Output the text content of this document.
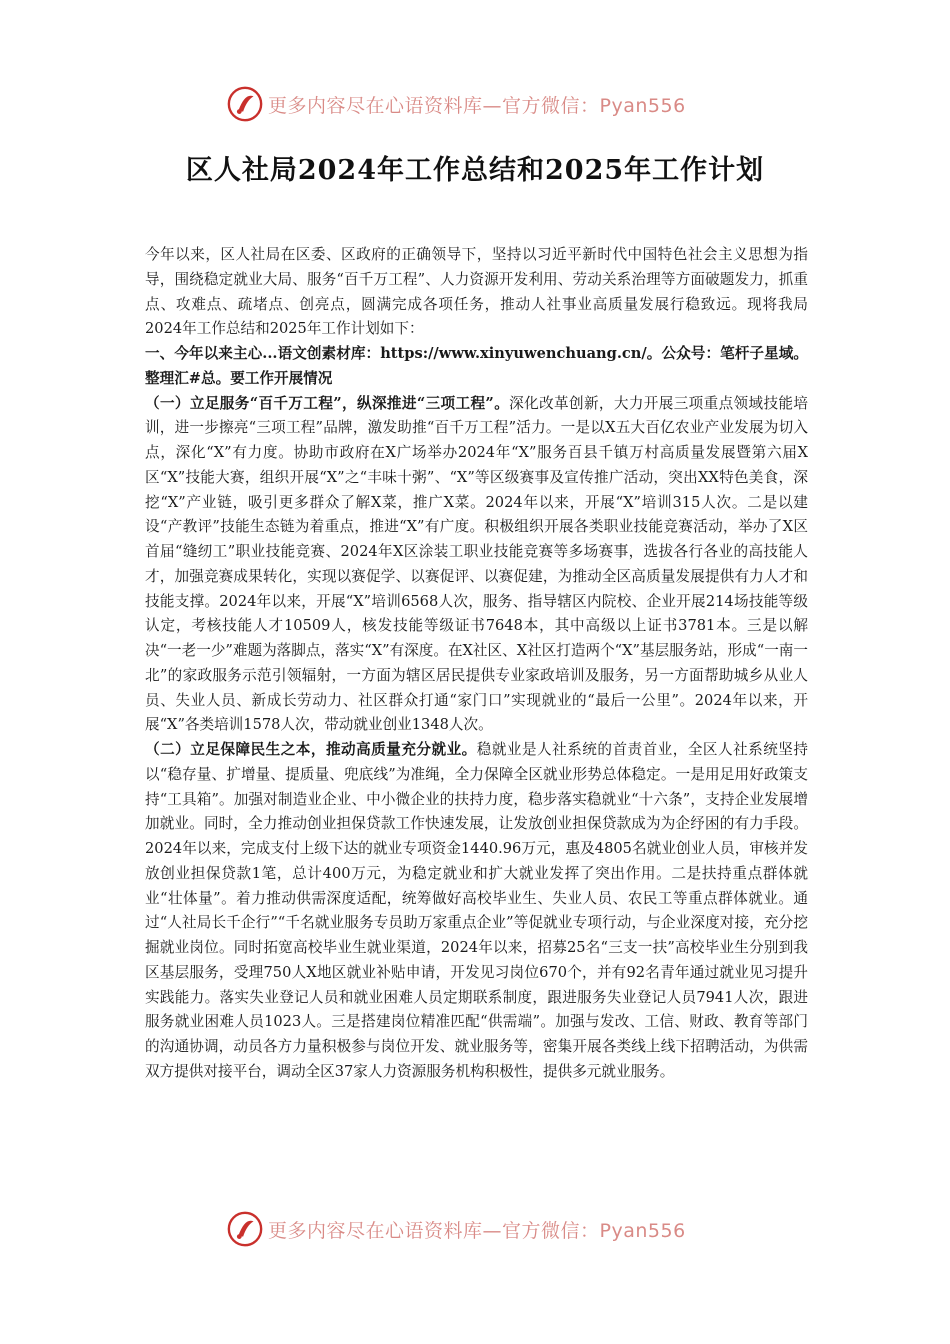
更多内容尽在心语资料库—官方微信：Pyan556
区人社局2024年工作总结和2025年工作计划

今年以来，区人社局在区委、区政府的正确领导下，坚持以习近平新时代中国特色社会主义思想为指导，围绕稳定就业大局、服务“百千万工程”、人力资源开发利用、劳动关系治理等方面破题发力，抓重点、攻难点、疏堵点、创亮点，圆满完成各项任务，推动人社事业高质量发展行稳致远。现将我局2024年工作总结和2025年工作计划如下：

一、今年以来主心...语文创素材库：https://www.xinyuwenchuang.cn/。公众号：笔杆子星域。整理汇#总。要工作开展情况

（一）立足服务“百千万工程”，纵深推进“三项工程”。深化改革创新，大力开展三项重点领域技能培训，进一步擦亮“三项工程”品牌，激发助推“百千万工程”活力。一是以X五大百亿农业产业发展为切入点，深化“X”有力度。协助市政府在X广场举办2024年“X”服务百县千镇万村高质量发展暨第六届X区“X”技能大赛，组织开展“X”之“丰味十粥”、“X”等区级赛事及宣传推广活动，突出XX特色美食，深挖“X”产业链，吸引更多群众了解X菜，推广X菜。2024年以来，开展“X”培训315人次。二是以建设“产教评”技能生态链为着重点，推进“X”有广度。积极组织开展各类职业技能竞赛活动，举办了X区首届“缝纫工”职业技能竞赛、2024年X区涂装工职业技能竞赛等多场赛事，选拔各行各业的高技能人才，加强竞赛成果转化，实现以赛促学、以赛促评、以赛促建，为推动全区高质量发展提供有力人才和技能支撑。2024年以来，开展“X”培训6568人次，服务、指导辖区内院校、企业开展214场技能等级认定，考核技能人才10509人，核发技能等级证书7648本，其中高级以上证书3781本。三是以解决“一老一少”难题为落脚点，落实“X”有深度。在X社区、X社区打造两个“X”基层服务站，形成“一南一北”的家政服务示范引领辐射，一方面为辖区居民提供专业家政培训及服务，另一方面帮助城乡从业人员、失业人员、新成长劳动力、社区群众打通“家门口”实现就业的“最后一公里”。2024年以来，开展“X”各类培训1578人次，带动就业创业1348人次。

（二）立足保障民生之本，推动高质量充分就业。稳就业是人社系统的首责首业，全区人社系统坚持以“稳存量、扩增量、提质量、兜底线”为准绳，全力保障全区就业形势总体稳定。一是用足用好政策支持“工具箱”。加强对制造业企业、中小微企业的扶持力度，稳步落实稳就业“十六条”，支持企业发展增加就业。同时，全力推动创业担保贷款工作快速发展，让发放创业担保贷款成为为企纾困的有力手段。2024年以来，完成支付上级下达的就业专项资金1440.96万元，惠及4805名就业创业人员，审核并发放创业担保贷款1笔，总计400万元，为稳定就业和扩大就业发挥了突出作用。二是扶持重点群体就业“壮体量”。着力推动供需深度适配，统筹做好高校毕业生、失业人员、农民工等重点群体就业。通过“人社局长千企行”“千名就业服务专员助万家重点企业”等促就业专项行动，与企业深度对接，充分挖掘就业岗位。同时拓宽高校毕业生就业渠道，2024年以来，招募25名“三支一扶”高校毕业生分别到我区基层服务，受理750人X地区就业补贴申请，开发见习岗位670个，并有92名青年通过就业见习提升实践能力。落实失业登记人员和就业困难人员定期联系制度，跟进服务失业登记人员7941人次，跟进服务就业困难人员1023人。三是搭建岗位精准匹配“供需端”。加强与发改、工信、财政、教育等部门的沟通协调，动员各方力量积极参与岗位开发、就业服务等，密集开展各类线上线下招聘活动，为供需双方提供对接平台，调动全区37家人力资源服务机构积极性，提供多元就业服务。

更多内容尽在心语资料库—官方微信：Pyan556
